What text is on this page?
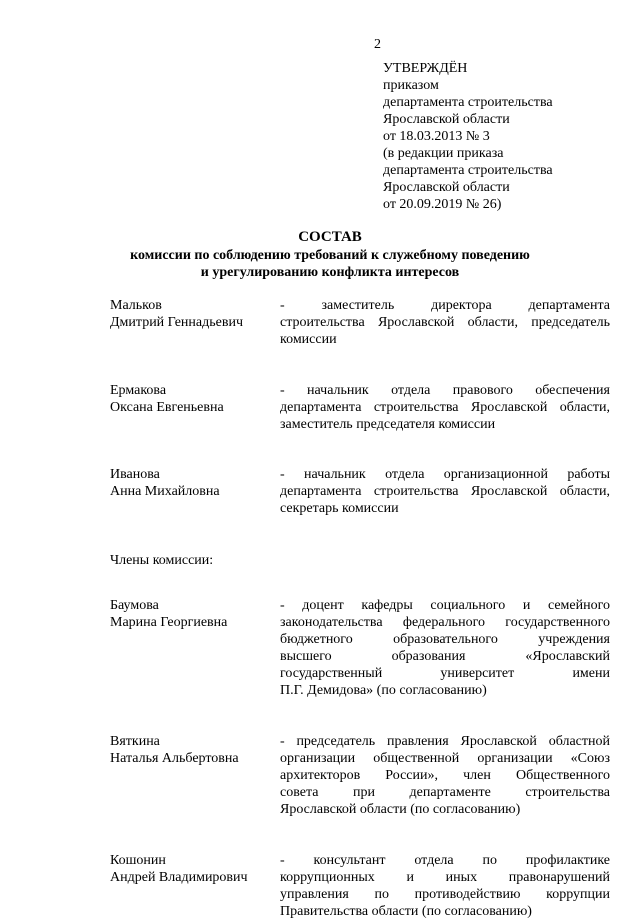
2
УТВЕРЖДЁН
приказом
департамента строительства
Ярославской области
от 18.03.2013 № 3
(в редакции приказа
департамента строительства
Ярославской области
от 20.09.2019 № 26)
СОСТАВ
комиссии по соблюдению требований к служебному поведению
и урегулированию конфликта интересов
Мальков
Дмитрий Геннадьевич
- заместитель директора департамента
строительства Ярославской области, председатель
комиссии
Ермакова
Оксана Евгеньевна
- начальник отдела правового обеспечения
департамента строительства Ярославской области,
заместитель председателя комиссии
Иванова
Анна Михайловна
- начальник отдела организационной работы
департамента строительства Ярославской области,
секретарь комиссии
Члены комиссии:
Баумова
Марина Георгиевна
- доцент кафедры социального и семейного
законодательства федерального государственного
бюджетного образовательного учреждения
высшего образования «Ярославский
государственный университет имени
П.Г. Демидова» (по согласованию)
Вяткина
Наталья Альбертовна
- председатель правления Ярославской областной
организации общественной организации «Союз
архитекторов России», член Общественного
совета при департаменте строительства
Ярославской области (по согласованию)
Кошонин
Андрей Владимирович
- консультант отдела по профилактике
коррупционных и иных правонарушений
управления по противодействию коррупции
Правительства области (по согласованию)
